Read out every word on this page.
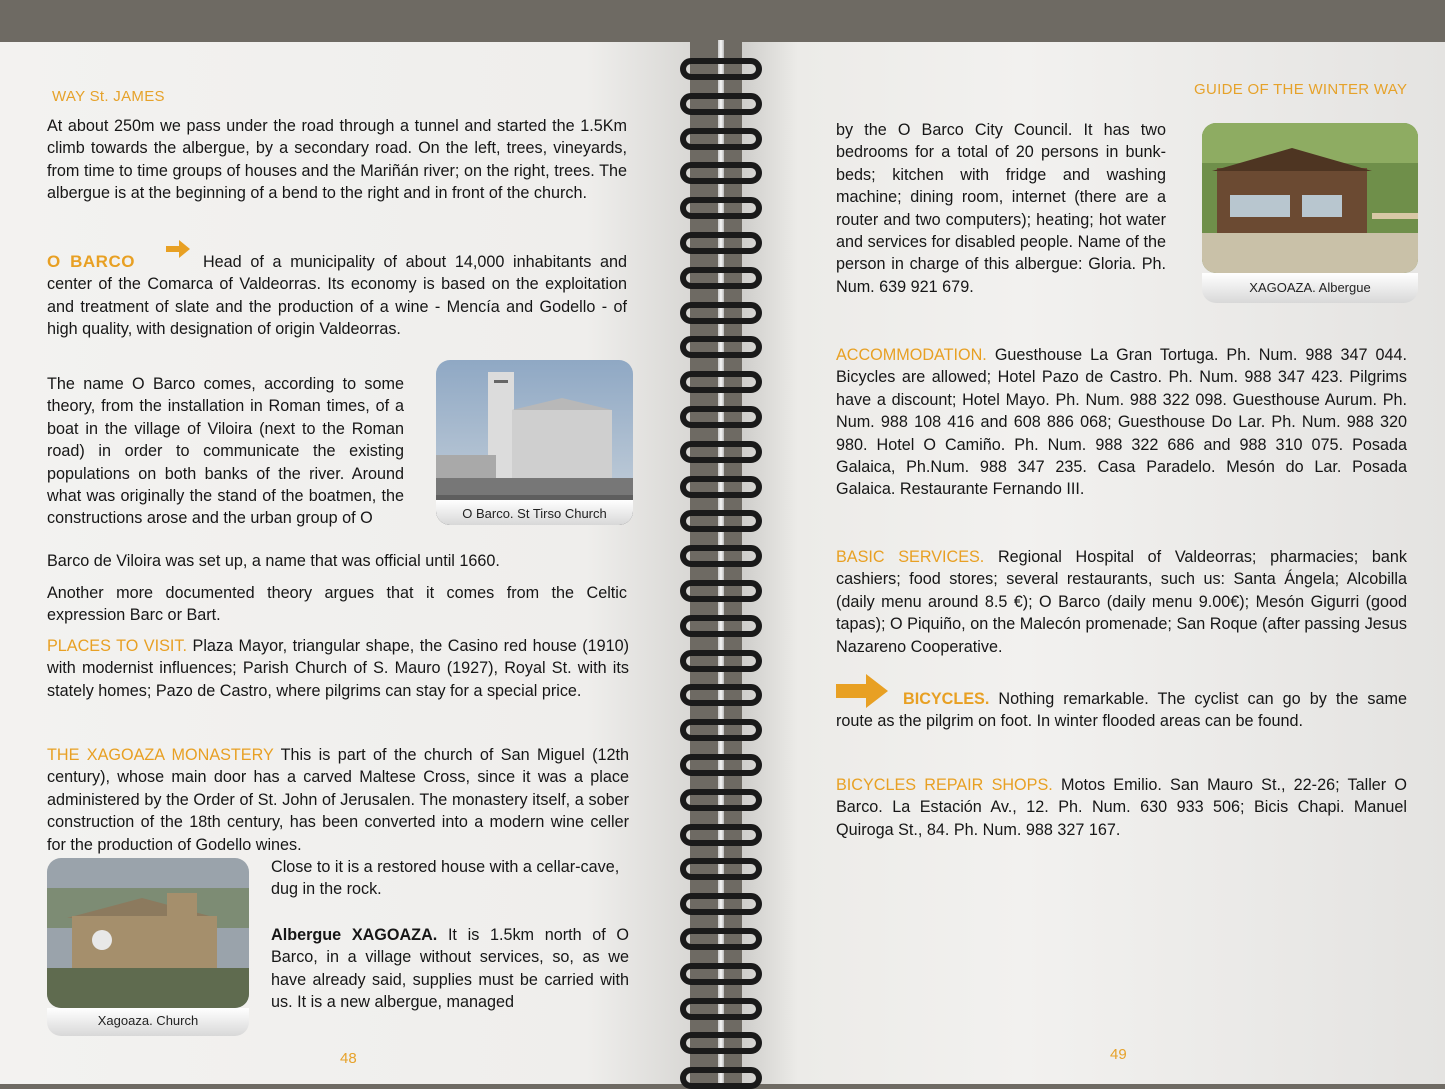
WAY St. JAMES
At about 250m we pass under the road through a tunnel and started the 1.5Km climb towards the albergue, by a secondary road. On the left, trees, vineyards, from time to time groups of houses and the Mariñán river; on the right, trees. The albergue is at the beginning of a bend to the right and in front of the church.
O BARCO	Head of a municipality of about 14,000 inhabitants and center of the Comarca of Valdeorras. Its economy is based on the exploitation and treatment of slate and the production of a wine - Mencía and Godello - of high quality, with designation of origin Valdeorras.
The name O Barco comes, according to some theory, from the installation in Roman times, of a boat in the village of Viloira (next to the Roman road) in order to communicate the existing populations on both banks of the river. Around what was originally the stand of the boatmen, the constructions arose and the urban group of O
Barco de Viloira was set up, a name that was official until 1660.
O Barco. St Tirso Church
Another more documented theory argues that it comes from the Celtic expression Barc or Bart.
PLACES TO VISIT. Plaza Mayor, triangular shape, the Casino red house (1910) with modernist influences; Parish Church of S. Mauro (1927), Royal St. with its stately homes; Pazo de Castro, where pilgrims can stay for a special price.
THE XAGOAZA MONASTERY This is part of the church of San Miguel (12th century), whose main door has a carved Maltese Cross, since it was a place administered by the Order of St. John of Jerusalen. The monastery itself, a sober construction of the 18th century, has been converted into a modern wine celler for the production of Godello wines.
Close to it is a restored house with a cellar-cave, dug in the rock.
Albergue XAGOAZA. It is 1.5km north of O Barco, in a village without services, so, as we have already said, supplies must be carried with us. It is a new albergue, managed
Xagoaza. Church
48
GUIDE OF THE WINTER WAY
by the O Barco City Council. It has two bedrooms for a total of 20 persons in bunk-beds; kitchen with fridge and washing machine; dining room, internet (there are a router and two computers); heating; hot water and services for disabled people. Name of the person in charge of this albergue: Gloria. Ph. Num. 639 921 679.	XAGOAZA. Albergue
ACCOMMODATION. Guesthouse La Gran Tortuga. Ph. Num. 988 347 044. Bicycles are allowed; Hotel Pazo de Castro. Ph. Num. 988 347 423. Pilgrims have a discount; Hotel Mayo. Ph. Num. 988 322 098. Guesthouse Aurum. Ph. Num. 988 108 416 and 608 886 068; Guesthouse Do Lar. Ph. Num. 988 320 980. Hotel O Camiño. Ph. Num. 988 322 686 and 988 310 075. Posada Galaica, Ph.Num. 988 347 235. Casa Paradelo. Mesón do Lar. Posada Galaica. Restaurante Fernando III.
BASIC SERVICES. Regional Hospital of Valdeorras; pharmacies; bank cashiers; food stores; several restaurants, such us: Santa Ángela; Alcobilla (daily menu around 8.5 €); O Barco (daily menu 9.00€); Mesón Gigurri (good tapas); O Piquiño, on the Malecón promenade; San Roque (after passing Jesus Nazareno Cooperative.
BICYCLES. Nothing remarkable. The cyclist can go by the same route as the pilgrim on foot. In winter flooded areas can be found.
BICYCLES REPAIR SHOPS. Motos Emilio. San Mauro St., 22-26; Taller O Barco. La Estación Av., 12. Ph. Num. 630 933 506; Bicis Chapi. Manuel Quiroga St., 84. Ph. Num. 988 327 167.
49
